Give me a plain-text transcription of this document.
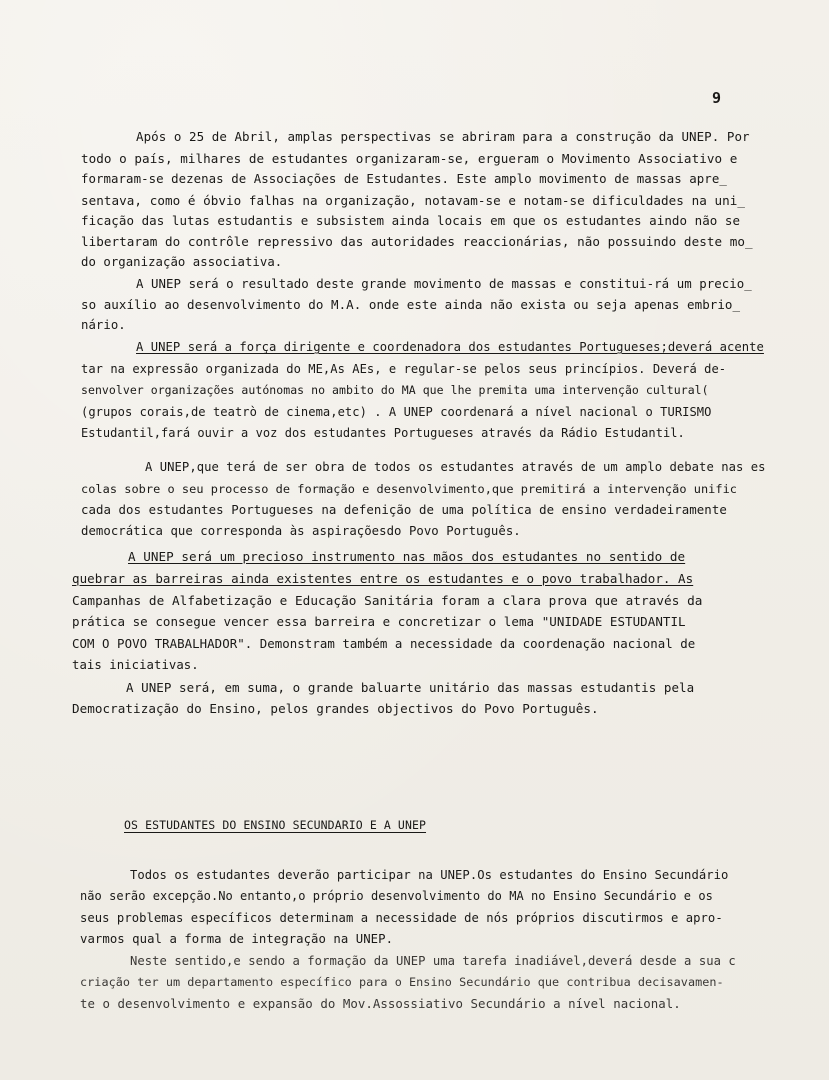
9
Após o 25 de Abril, amplas perspectivas se abriram para a construção da UNEP. Por
todo o país, milhares de estudantes organizaram-se, ergueram o Movimento Associativo e
formaram-se dezenas de Associações de Estudantes. Este amplo movimento de massas apre_
sentava, como é óbvio falhas na organização, notavam-se e notam-se dificuldades na uni_
ficação das lutas estudantis e subsistem ainda locais em que os estudantes aindo não se
libertaram do contrôle repressivo das autoridades reaccionárias, não possuindo deste mo_
do organização associativa.
A UNEP será o resultado deste grande movimento de massas e constitui-rá um precio_
so auxílio ao desenvolvimento do M.A. onde este ainda não exista ou seja apenas embrio_
nário.
A UNEP será a força dirigente e coordenadora dos estudantes Portugueses;deverá acente
tar na expressão organizada do ME,As AEs, e regular-se pelos seus princípios. Deverá de-
senvolver organizações autónomas no ambito do MA que lhe premita uma intervenção cultural(
(grupos corais,de teatrò de cinema,etc) . A UNEP coordenará a nível nacional o TURISMO
Estudantil,fará ouvir a voz dos estudantes Portugueses através da Rádio Estudantil.
A UNEP,que terá de ser obra de todos os estudantes através de um amplo debate nas es
colas sobre o seu processo de formação e desenvolvimento,que premitirá a intervenção unific
cada dos estudantes Portugueses na defenição de uma política de ensino verdadeiramente
democrática que corresponda às aspiraçõesdo Povo Português.
A UNEP será um precioso instrumento nas mãos dos estudantes no sentido de
quebrar as barreiras ainda existentes entre os estudantes e o povo trabalhador. As
Campanhas de Alfabetização e Educação Sanitária foram a clara prova que através da
prática se consegue vencer essa barreira e concretizar o lema "UNIDADE ESTUDANTIL
COM O POVO TRABALHADOR". Demonstram também a necessidade da coordenação nacional de
tais iniciativas.
A UNEP será, em suma, o grande baluarte unitário das massas estudantis pela
Democratização do Ensino, pelos grandes objectivos do Povo Português.
OS ESTUDANTES DO ENSINO SECUNDARIO E A UNEP
Todos os estudantes deverão participar na UNEP.Os estudantes do Ensino Secundário
não serão excepção.No entanto,o próprio desenvolvimento do MA no Ensino Secundário e os
seus problemas específicos determinam a necessidade de nós próprios discutirmos e apro-
varmos qual a forma de integração na UNEP.
Neste sentido,e sendo a formação da UNEP uma tarefa inadiável,deverá desde a sua c
criação ter um departamento específico para o Ensino Secundário que contribua decisavamen-
te o desenvolvimento e expansão do Mov.Assossiativo Secundário a nível nacional.
